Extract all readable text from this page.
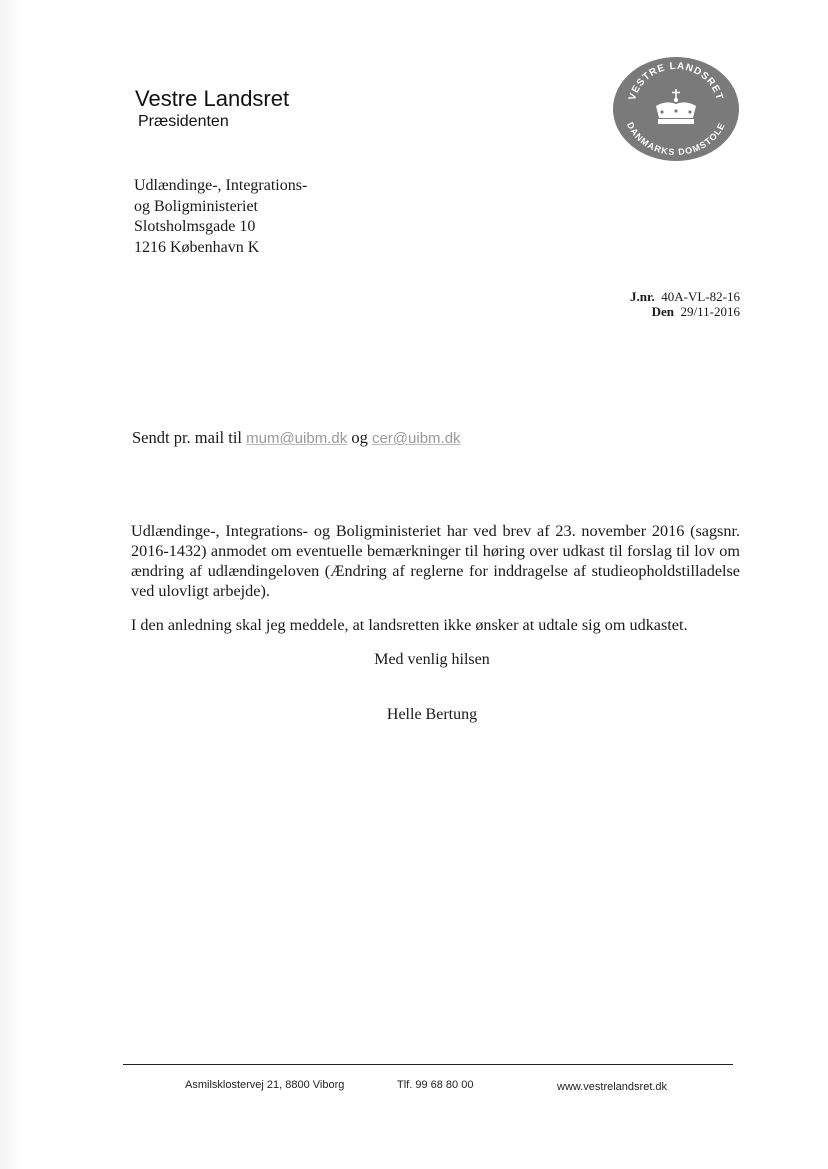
Vestre Landsret
Præsidenten
VESTRE LANDSRET
DANMARKS DOMSTOLE
Udlændinge-, Integrations-
og Boligministeriet
Slotsholmsgade 10
1216 København K
J.nr. 40A-VL-82-16
Den 29/11-2016
Sendt pr. mail til mum@uibm.dk og cer@uibm.dk

Udlændinge-, Integrations- og Boligministeriet har ved brev af 23. november 2016 (sagsnr. 2016-1432) anmodet om eventuelle bemærkninger til høring over udkast til forslag til lov om ændring af udlændingeloven (Ændring af reglerne for inddragelse af studieopholdstilladelse ved ulovligt arbejde).

I den anledning skal jeg meddele, at landsretten ikke ønsker at udtale sig om udkastet.

Med venlig hilsen
Helle Bertung
Asmilsklostervej 21, 8800 Viborg	Tlf. 99 68 80 00	www.vestrelandsret.dk
